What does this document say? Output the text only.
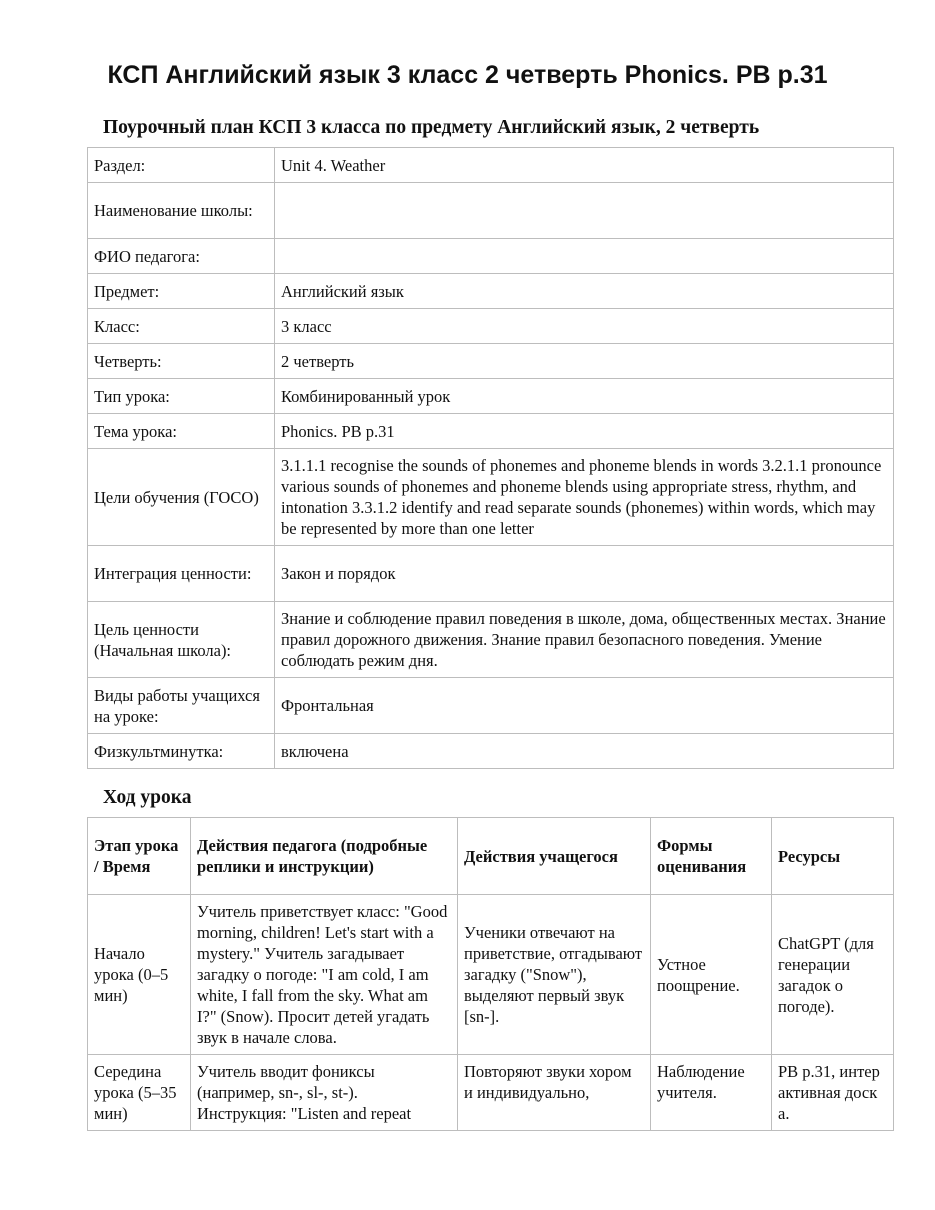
КСП Английский язык 3 класс 2 четверть Phonics. PB p.31
Поурочный план КСП 3 класса по предмету Английский язык, 2 четверть
Раздел:	Unit 4. Weather
Наименование школы:	
ФИО педагога:	
Предмет:	Английский язык
Класс:	3 класс
Четверть:	2 четверть
Тип урока:	Комбинированный урок
Тема урока:	Phonics. PB p.31
Цели обучения (ГОСО)	3.1.1.1 recognise the sounds of phonemes and phoneme blends in words 3.2.1.1 pronounce various sounds of phonemes and phoneme blends using appropriate stress, rhythm, and intonation 3.3.1.2 identify and read separate sounds (phonemes) within words, which may be represented by more than one letter
Интеграция ценности:	Закон и порядок
Цель ценности (Начальная школа):	Знание и соблюдение правил поведения в школе, дома, общественных местах. Знание правил дорожного движения. Знание правил безопасного поведения. Умение соблюдать режим дня.
Виды работы учащихся на уроке:	Фронтальная
Физкультминутка:	включена
Ход урока
Этап урока / Время	Действия педагога (подробные реплики и инструкции)	Действия учащегося	Формы оценивания	Ресурсы
Начало урока (0–5 мин)	Учитель приветствует класс: "Good morning, children! Let's start with a mystery." Учитель загадывает загадку о погоде: "I am cold, I am white, I fall from the sky. What am I?" (Snow). Просит детей угадать звук в начале слова.	Ученики отвечают на приветствие, отгадывают загадку ("Snow"), выделяют первый звук [sn-].	Устное поощрение.	ChatGPT (для генерации загадок о погоде).
Середина урока (5–35 мин)	Учитель вводит фониксы (например, sn-, sl-, st-). Инструкция: "Listen and repeat	Повторяют звуки хором и индивидуально,	Наблюдение учителя.	PB p.31, интерактивная доска.
